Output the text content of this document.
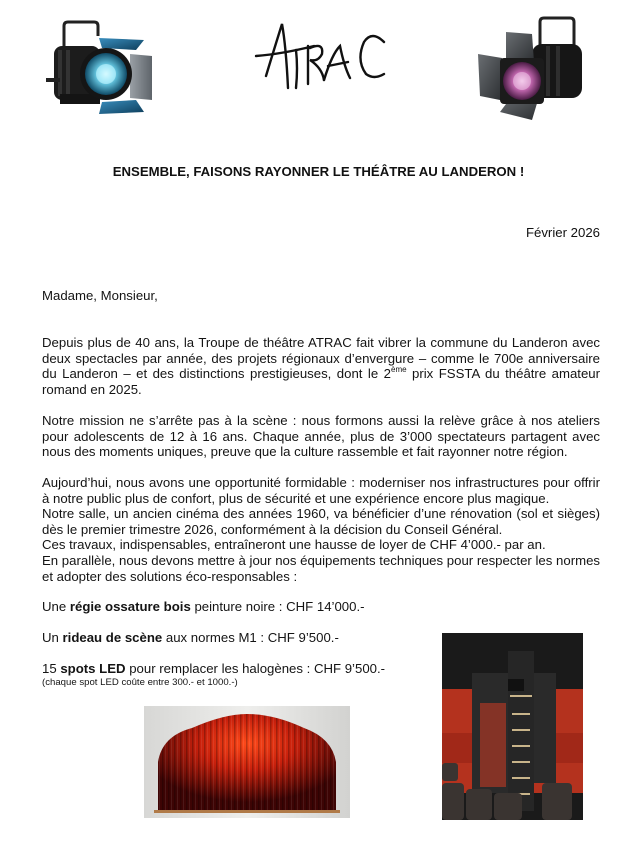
ENSEMBLE, FAISONS RAYONNER LE THÉÂTRE AU LANDERON !
Février 2026
Madame, Monsieur,
Depuis plus de 40 ans, la Troupe de théâtre ATRAC fait vibrer la commune du Landeron avec deux spectacles par année, des projets régionaux d’envergure – comme le 700e anniversaire du Landeron – et des distinctions prestigieuses, dont le 2ème prix FSSTA du théâtre amateur romand en 2025.
Notre mission ne s’arrête pas à la scène : nous formons aussi la relève grâce à nos ateliers pour adolescents de 12 à 16 ans. Chaque année, plus de 3’000 spectateurs partagent avec nous des moments uniques, preuve que la culture rassemble et fait rayonner notre région.
Aujourd’hui, nous avons une opportunité formidable : moderniser nos infrastructures pour offrir à notre public plus de confort, plus de sécurité et une expérience encore plus magique.
Notre salle, un ancien cinéma des années 1960, va bénéficier d’une rénovation (sol et sièges) dès le premier trimestre 2026, conformément à la décision du Conseil Général.
Ces travaux, indispensables, entraîneront une hausse de loyer de CHF 4’000.- par an.
En parallèle, nous devons mettre à jour nos équipements techniques pour respecter les normes et adopter des solutions éco-responsables :
Une régie ossature bois peinture noire : CHF 14’000.-
Un rideau de scène aux normes M1 : CHF 9’500.-
15 spots LED pour remplacer les halogènes : CHF 9’500.-
(chaque spot LED coûte entre 300.- et 1000.-)
